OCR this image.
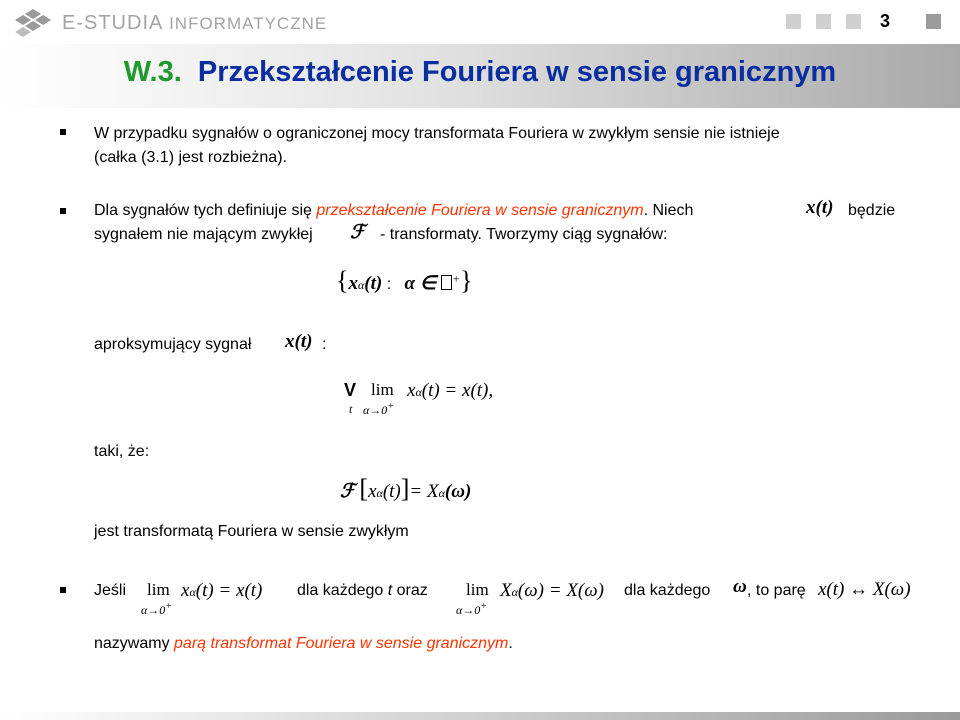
E-STUDIA INFORMATYCZNE	3
W.3. Przekształcenie Fouriera w sensie granicznym
W przypadku sygnałów o ograniczonej mocy transformata Fouriera w zwykłym sensie nie istnieje
(całka (3.1) jest rozbieżna).
Dla sygnałów tych definiuje się przekształcenie Fouriera w sensie granicznym. Niech	x(t) będzie
sygnałem nie mającym zwykłej ℱ - transformaty. Tworzymy ciąg sygnałów:
{xα(t) : α ∈ +}
aproksymujący sygnał x(t) :
V
t
lim
α→0+
xα(t) = x(t),
taki, że:
ℱ [xα(t)]= Xα(ω)
jest transformatą Fouriera w sensie zwykłym
Jeśli lim
α→0+
xα(t) = x(t) dla każdego t oraz lim
α→0+
Xα(ω) = X(ω) dla każdego ω , to parę x(t) ↔ X(ω)
nazywamy parą transformat Fouriera w sensie granicznym.
